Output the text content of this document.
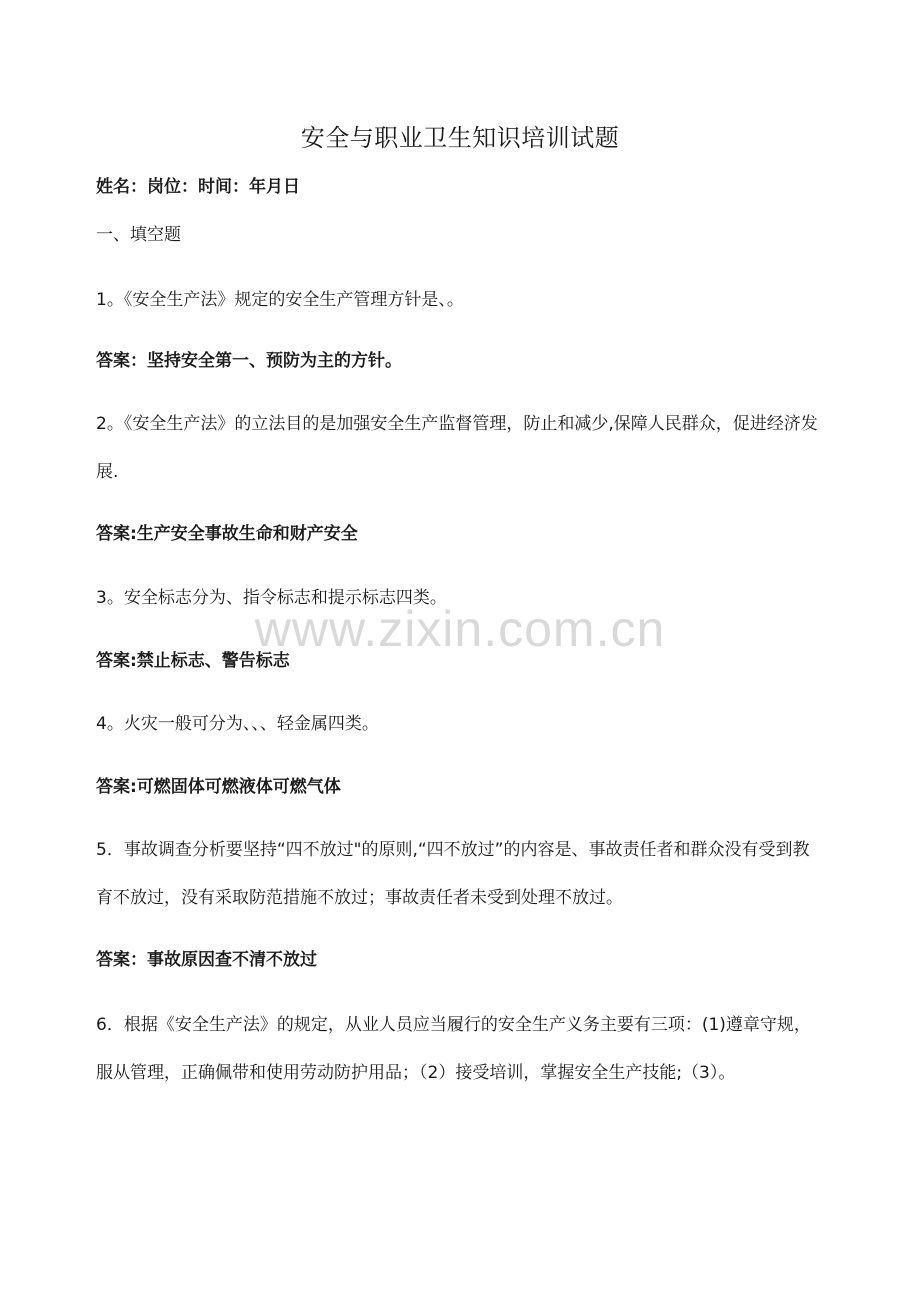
www.zixin.com.cn
安全与职业卫生知识培训试题
姓名：岗位：时间：年月日
一、填空题
1。《安全生产法》规定的安全生产管理方针是、。
答案：坚持安全第一、预防为主的方针。
2。《安全生产法》的立法目的是加强安全生产监督管理，防止和减少,保障人民群众，促进经济发展.
答案:生产安全事故生命和财产安全
3。安全标志分为、指令标志和提示标志四类。
答案:禁止标志、警告标志
4。火灾一般可分为、、、轻金属四类。
答案:可燃固体可燃液体可燃气体
5．事故调查分析要坚持“四不放过"的原则,“四不放过”的内容是、事故责任者和群众没有受到教育不放过，没有采取防范措施不放过；事故责任者未受到处理不放过。
答案：事故原因查不清不放过
6．根据《安全生产法》的规定，从业人员应当履行的安全生产义务主要有三项：(1)遵章守规，服从管理，正确佩带和使用劳动防护用品；（2）接受培训，掌握安全生产技能;（3）。
